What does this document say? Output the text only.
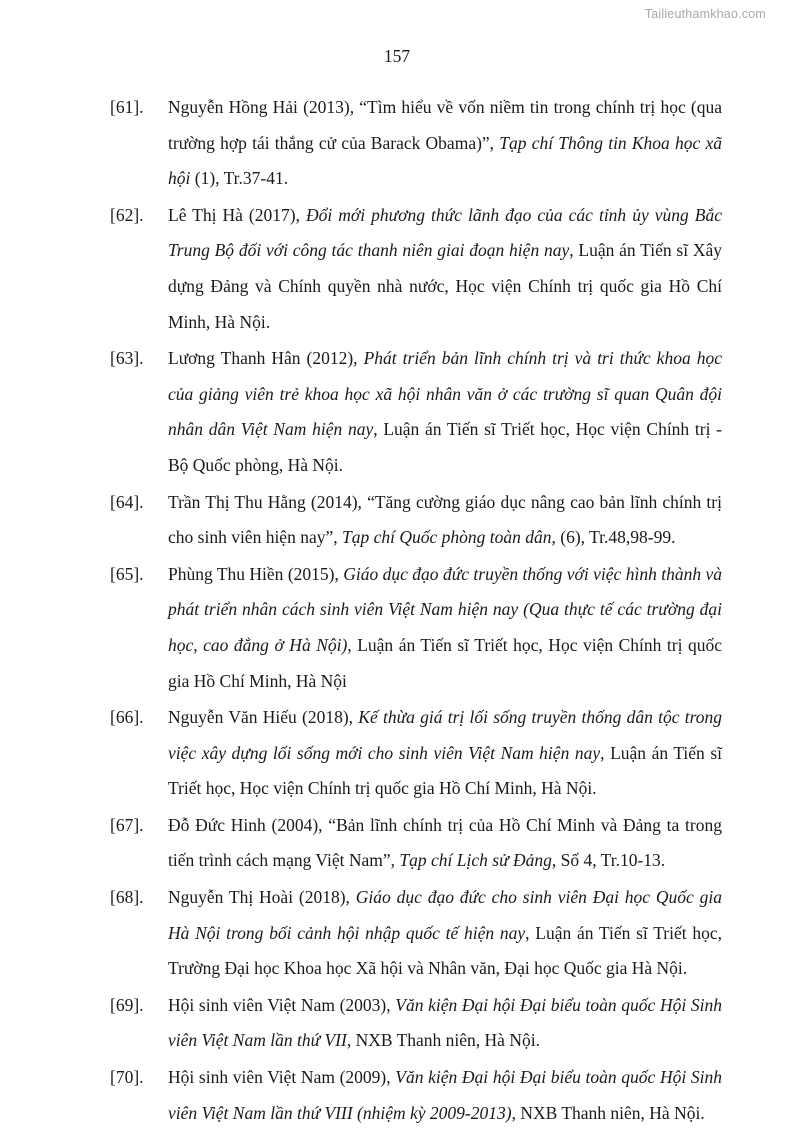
Tailieuthamkhao.com
157
[61].	Nguyễn Hồng Hải (2013), “Tìm hiểu về vốn niềm tin trong chính trị học (qua trường hợp tái thắng cử của Barack Obama)”, Tạp chí Thông tin Khoa học xã hội (1), Tr.37-41.
[62].	Lê Thị Hà (2017), Đổi mới phương thức lãnh đạo của các tỉnh ủy vùng Bắc Trung Bộ đối với công tác thanh niên giai đoạn hiện nay, Luận án Tiến sĩ Xây dựng Đảng và Chính quyền nhà nước, Học viện Chính trị quốc gia Hồ Chí Minh, Hà Nội.
[63].	Lương Thanh Hân (2012), Phát triển bản lĩnh chính trị và tri thức khoa học của giảng viên trẻ khoa học xã hội nhân văn ở các trường sĩ quan Quân đội nhân dân Việt Nam hiện nay, Luận án Tiến sĩ Triết học, Học viện Chính trị - Bộ Quốc phòng, Hà Nội.
[64].	Trần Thị Thu Hằng (2014), “Tăng cường giáo dục nâng cao bản lĩnh chính trị cho sinh viên hiện nay”, Tạp chí Quốc phòng toàn dân, (6), Tr.48,98-99.
[65].	Phùng Thu Hiền (2015), Giáo dục đạo đức truyền thống với việc hình thành và phát triển nhân cách sinh viên Việt Nam hiện nay (Qua thực tế các trường đại học, cao đẳng ở Hà Nội), Luận án Tiến sĩ Triết học, Học viện Chính trị quốc gia Hồ Chí Minh, Hà Nội
[66].	Nguyễn Văn Hiếu (2018), Kế thừa giá trị lối sống truyền thống dân tộc trong việc xây dựng lối sống mới cho sinh viên Việt Nam hiện nay, Luận án Tiến sĩ Triết học, Học viện Chính trị quốc gia Hồ Chí Minh, Hà Nội.
[67].	Đỗ Đức Hinh (2004), “Bản lĩnh chính trị của Hồ Chí Minh và Đảng ta trong tiến trình cách mạng Việt Nam”, Tạp chí Lịch sử Đảng, Số 4, Tr.10-13.
[68].	Nguyễn Thị Hoài (2018), Giáo dục đạo đức cho sinh viên Đại học Quốc gia Hà Nội trong bối cảnh hội nhập quốc tế hiện nay, Luận án Tiến sĩ Triết học, Trường Đại học Khoa học Xã hội và Nhân văn, Đại học Quốc gia Hà Nội.
[69].	Hội sinh viên Việt Nam (2003), Văn kiện Đại hội Đại biểu toàn quốc Hội Sinh viên Việt Nam lần thứ VII, NXB Thanh niên, Hà Nội.
[70].	Hội sinh viên Việt Nam (2009), Văn kiện Đại hội Đại biểu toàn quốc Hội Sinh viên Việt Nam lần thứ VIII (nhiệm kỳ 2009-2013), NXB Thanh niên, Hà Nội.
